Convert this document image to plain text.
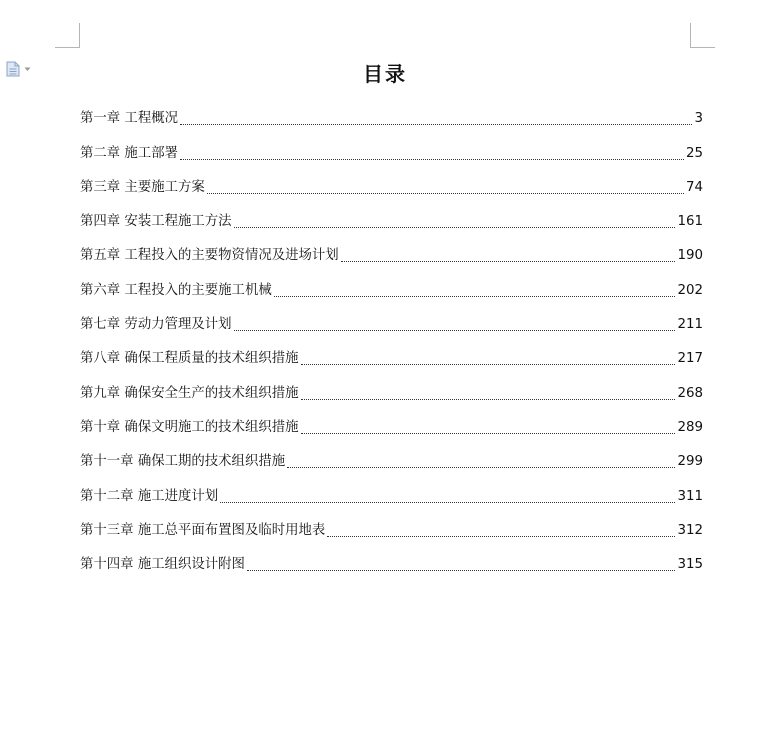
目录
第一章 工程概况	3
第二章 施工部署	25
第三章 主要施工方案	74
第四章 安装工程施工方法	161
第五章 工程投入的主要物资情况及进场计划	190
第六章 工程投入的主要施工机械	202
第七章 劳动力管理及计划	211
第八章 确保工程质量的技术组织措施	217
第九章 确保安全生产的技术组织措施	268
第十章 确保文明施工的技术组织措施	289
第十一章 确保工期的技术组织措施	299
第十二章 施工进度计划	311
第十三章 施工总平面布置图及临时用地表	312
第十四章 施工组织设计附图	315
